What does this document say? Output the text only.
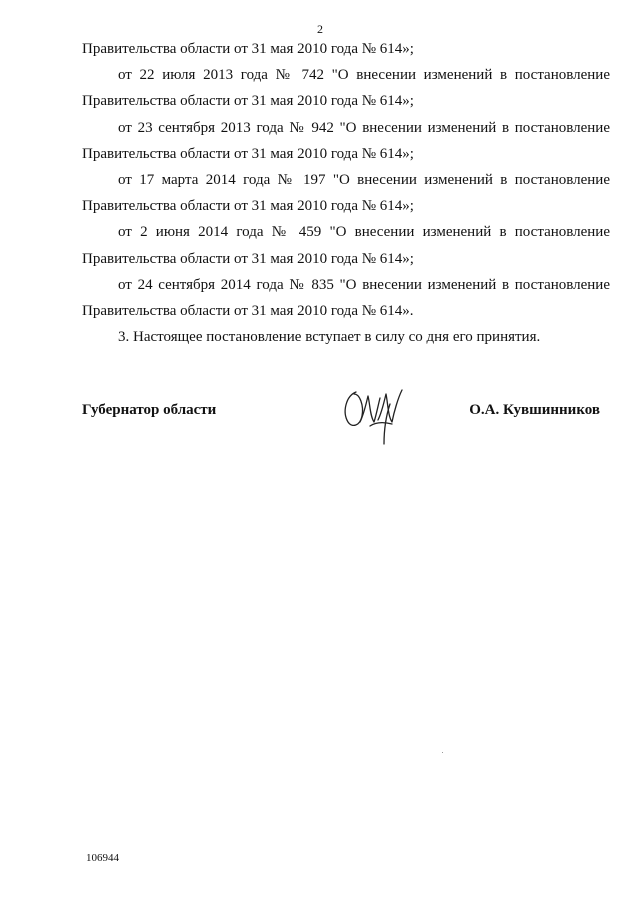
2

Правительства области от 31 мая 2010 года № 614»;

от 22 июля 2013 года № 742 "О внесении изменений в постановление Правительства области от 31 мая 2010 года № 614»;

от 23 сентября 2013 года № 942 "О внесении изменений в постановление Правительства области от 31 мая 2010 года № 614»;

от 17 марта 2014 года № 197 "О внесении изменений в постановление Правительства области от 31 мая 2010 года № 614»;

от 2 июня 2014 года № 459 "О внесении изменений в постановление Правительства области от 31 мая 2010 года № 614»;

от 24 сентября 2014 года № 835 "О внесении изменений в постановление Правительства области от 31 мая 2010 года № 614».

3. Настоящее постановление вступает в силу со дня его принятия.

Губернатор области	О.А. Кувшинников
106944
